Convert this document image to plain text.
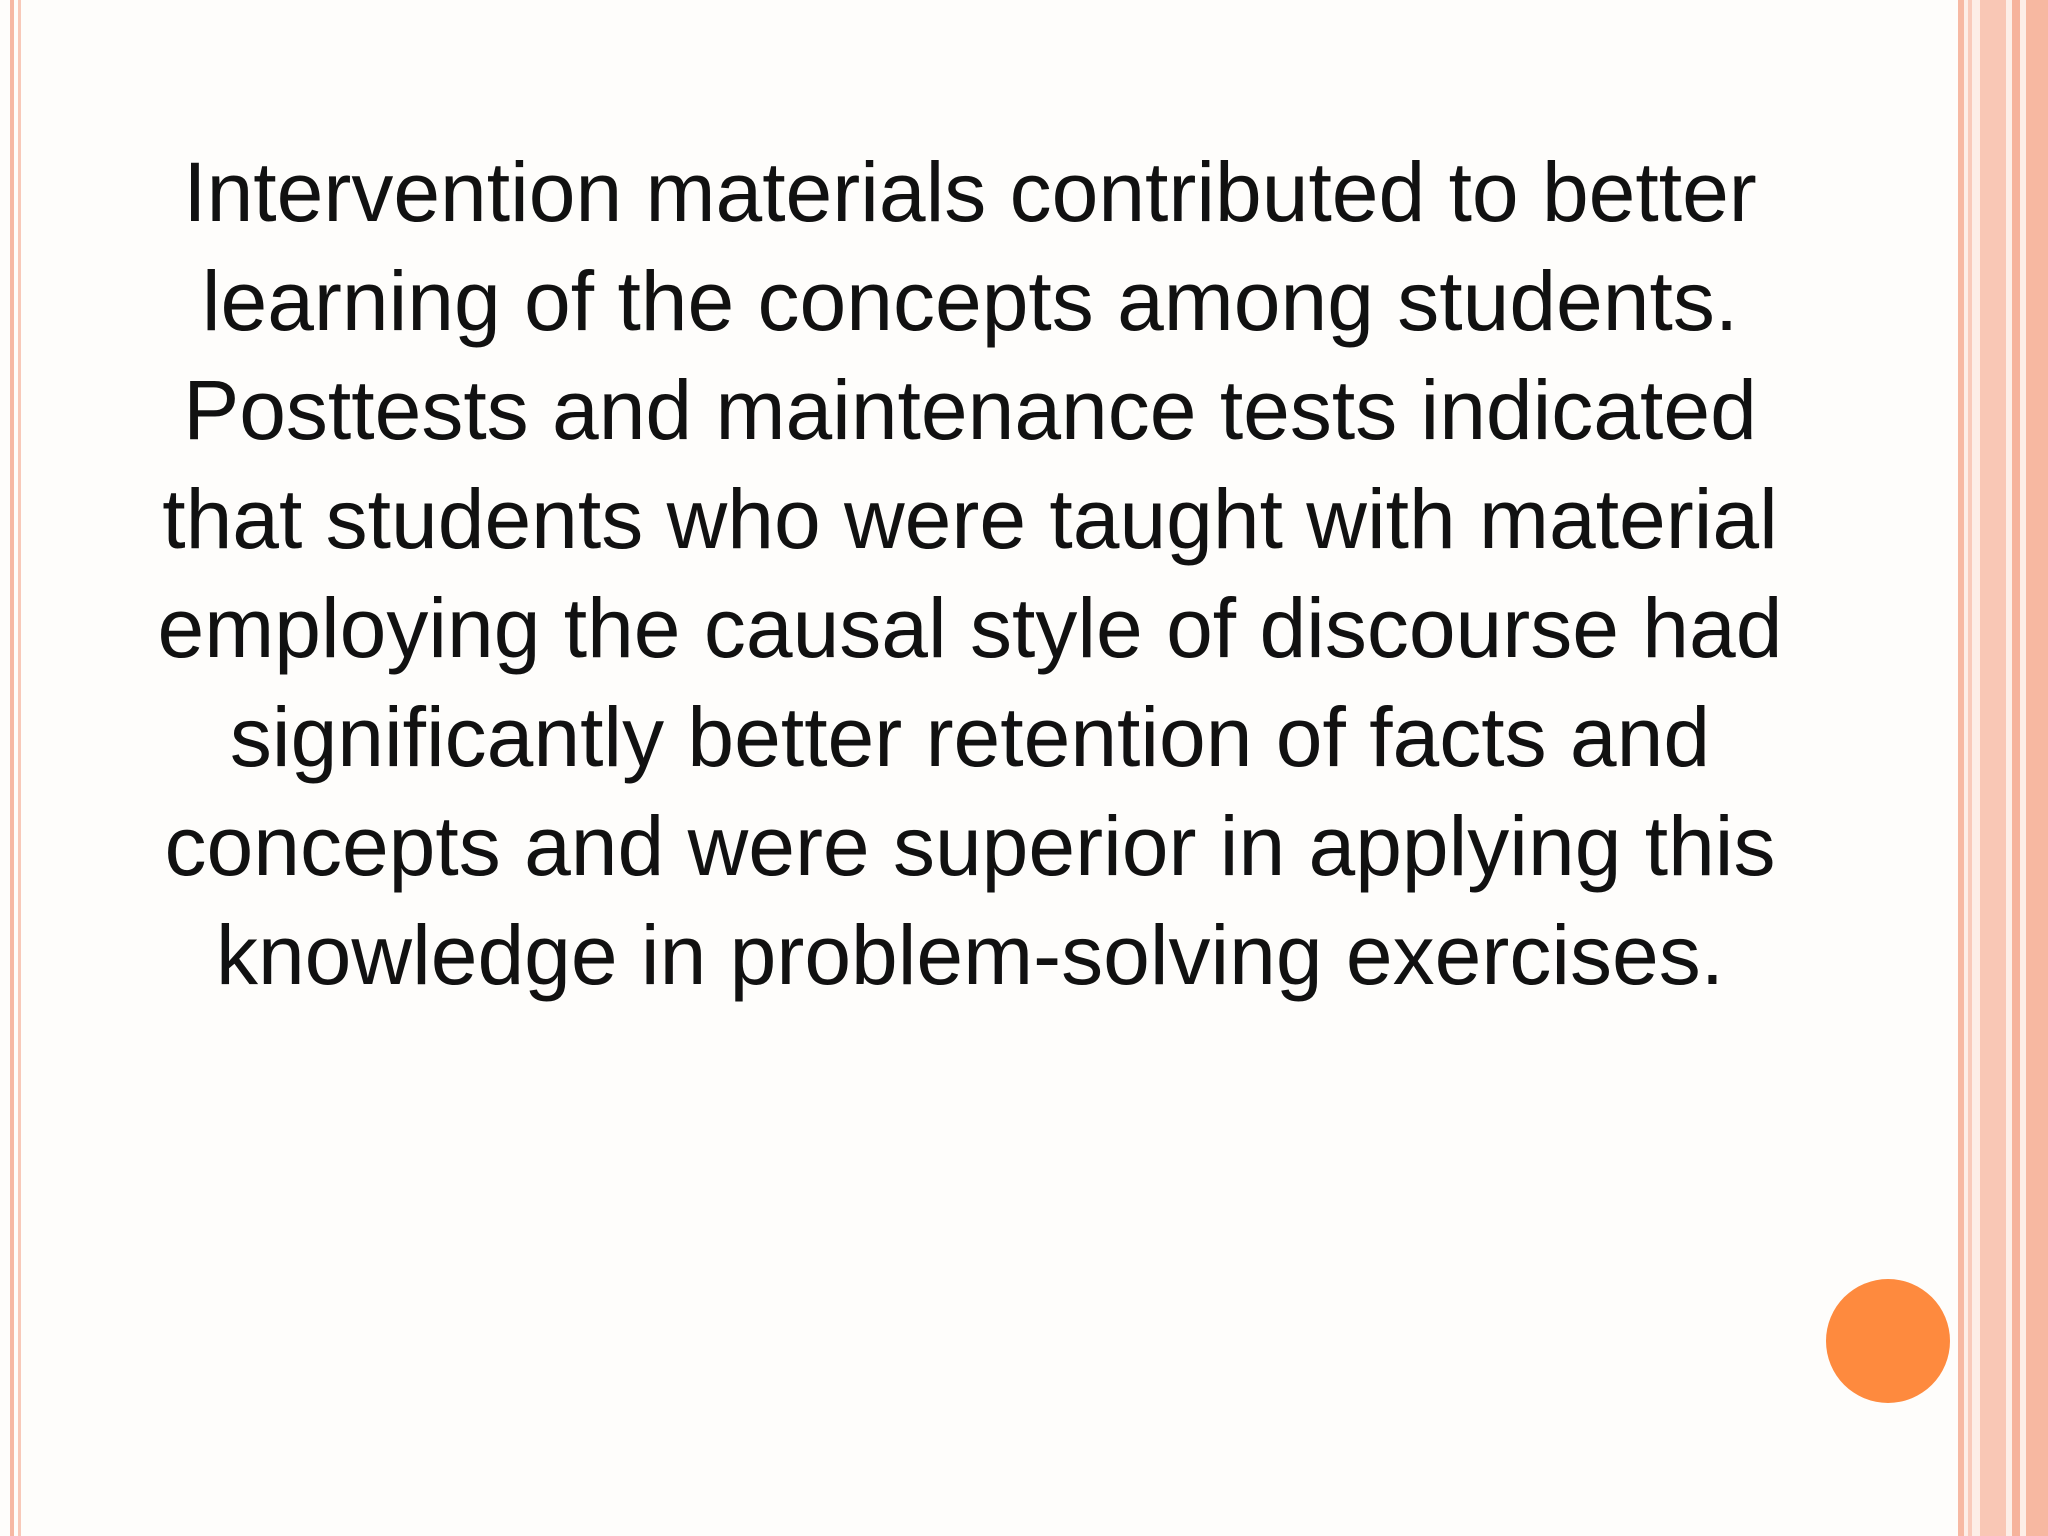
Intervention materials contributed to better learning of the concepts among students. Posttests and maintenance tests indicated that students who were taught with material employing the causal style of discourse had significantly better retention of facts and concepts and were superior in applying this knowledge in problem-solving exercises.
